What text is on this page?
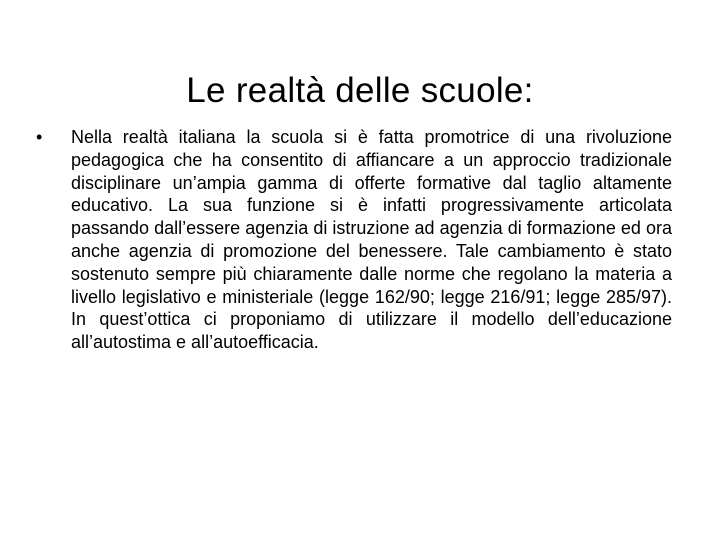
Le realtà delle scuole:
• Nella realtà italiana la scuola si è fatta promotrice di una rivoluzione pedagogica che ha consentito di affiancare a un approccio tradizionale disciplinare un’ampia gamma di offerte formative dal taglio altamente educativo. La sua funzione si è infatti progressivamente articolata passando dall’essere agenzia di istruzione ad agenzia di formazione ed ora anche agenzia di promozione del benessere. Tale cambiamento è stato sostenuto sempre più chiaramente dalle norme che regolano la materia a livello legislativo e ministeriale (legge 162/90; legge 216/91; legge 285/97). In quest’ottica ci proponiamo di utilizzare il modello dell’educazione all’autostima e all’autoefficacia.
